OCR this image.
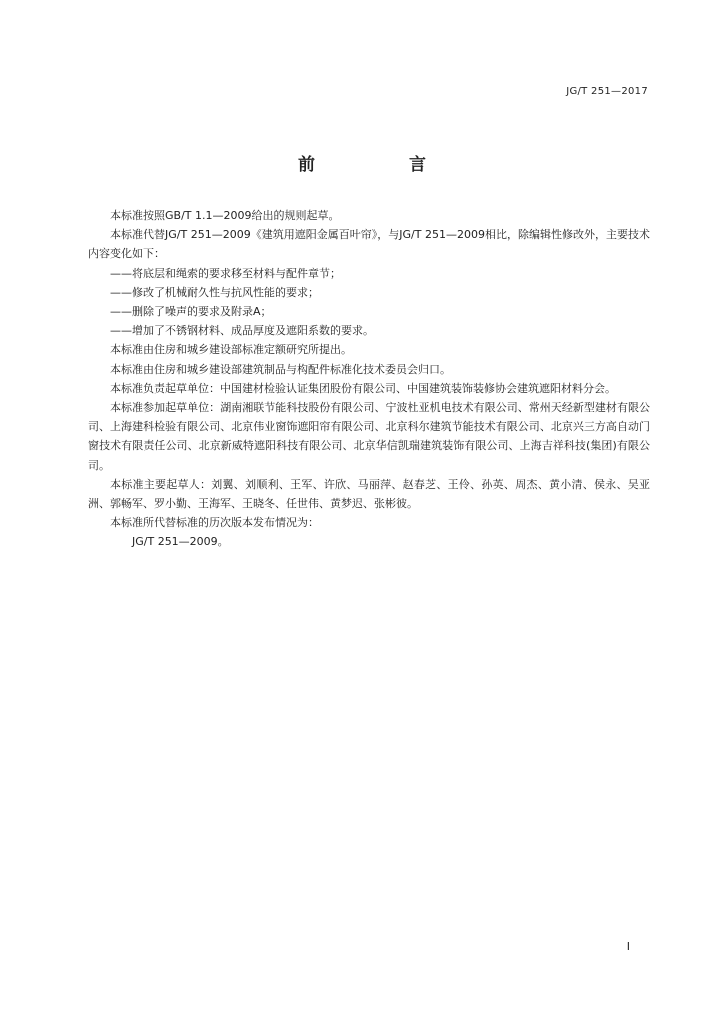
JG/T 251—2017
前 言

本标准按照GB/T 1.1—2009给出的规则起草。

本标准代替JG/T 251—2009《建筑用遮阳金属百叶帘》，与JG/T 251—2009相比，除编辑性修改外，主要技术内容变化如下：

——将底层和绳索的要求移至材料与配件章节；

——修改了机械耐久性与抗风性能的要求；

——删除了噪声的要求及附录A；

——增加了不锈钢材料、成品厚度及遮阳系数的要求。

本标准由住房和城乡建设部标准定额研究所提出。

本标准由住房和城乡建设部建筑制品与构配件标准化技术委员会归口。

本标准负责起草单位：中国建材检验认证集团股份有限公司、中国建筑装饰装修协会建筑遮阳材料分会。

本标准参加起草单位：湖南湘联节能科技股份有限公司、宁波杜亚机电技术有限公司、常州天经新型建材有限公司、上海建科检验有限公司、北京伟业窗饰遮阳帘有限公司、北京科尔建筑节能技术有限公司、北京兴三方高自动门窗技术有限责任公司、北京新威特遮阳科技有限公司、北京华信凯瑞建筑装饰有限公司、上海吉祥科技(集团)有限公司。

本标准主要起草人：刘翼、刘顺利、王军、许欣、马丽萍、赵春芝、王伶、孙英、周杰、黄小清、侯永、吴亚洲、郭畅军、罗小勤、王海军、王晓冬、任世伟、黄梦迟、张彬彼。

本标准所代替标准的历次版本发布情况为：

JG/T 251—2009。

I
